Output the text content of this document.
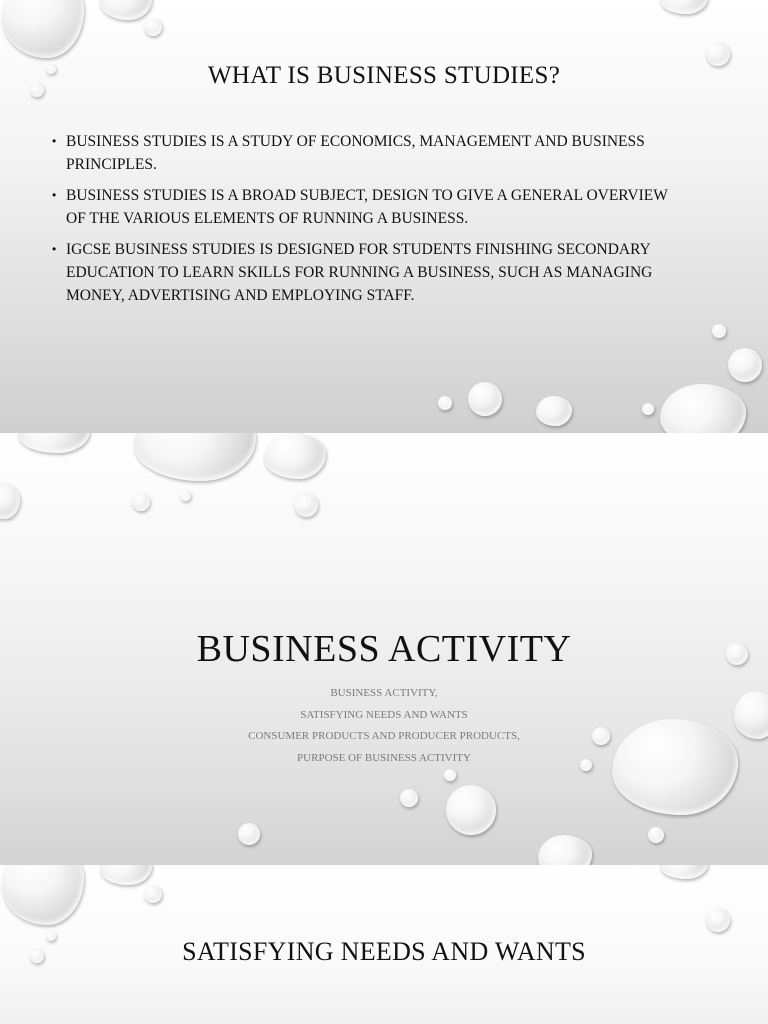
WHAT IS BUSINESS STUDIES?
• BUSINESS STUDIES IS A STUDY OF ECONOMICS, MANAGEMENT AND BUSINESS PRINCIPLES.
• BUSINESS STUDIES IS A BROAD SUBJECT, DESIGN TO GIVE A GENERAL OVERVIEW OF THE VARIOUS ELEMENTS OF RUNNING A BUSINESS.
• IGCSE BUSINESS STUDIES IS DESIGNED FOR STUDENTS FINISHING SECONDARY EDUCATION TO LEARN SKILLS FOR RUNNING A BUSINESS, SUCH AS MANAGING MONEY, ADVERTISING AND EMPLOYING STAFF.
BUSINESS ACTIVITY
BUSINESS ACTIVITY,
SATISFYING NEEDS AND WANTS
CONSUMER PRODUCTS AND PRODUCER PRODUCTS,
PURPOSE OF BUSINESS ACTIVITY
SATISFYING NEEDS AND WANTS
